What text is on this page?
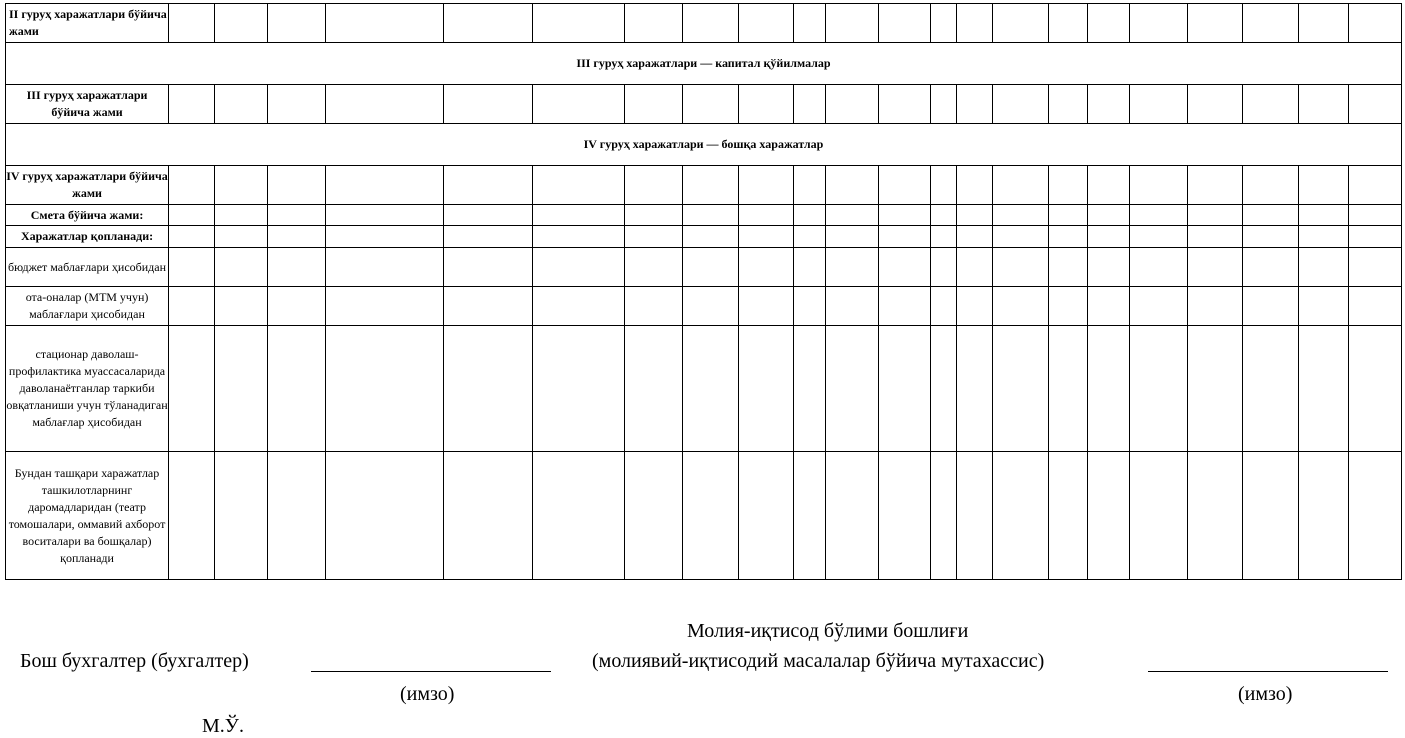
II гуруҳ харажатлари бўйича жами																						
III гуруҳ харажатлари — капитал қўйилмалар																						
III гуруҳ харажатлари бўйича жами																						
IV гуруҳ харажатлари — бошқа харажатлар																						
IV гуруҳ харажатлари бўйича жами																						
Смета бўйича жами:																						
Харажатлар қопланади:																						
бюджет маблағлари ҳисобидан																						
ота-оналар (МТМ учун) маблағлари ҳисобидан																						
стационар даволаш-профилактика муассасаларида даволанаётганлар таркиби овқатланиши учун тўланадиган маблағлар ҳисобидан																						
Бундан ташқари харажатлар ташкилотларнинг даромадларидан (театр томошалари, оммавий ахборот воситалари ва бошқалар) қопланади																						
Бош бухгалтер (бухгалтер)
(имзо)
Молия-иқтисод бўлими бошлиғи
(молиявий-иқтисодий масалалар бўйича мутахассис)
(имзо)
М.Ў.
